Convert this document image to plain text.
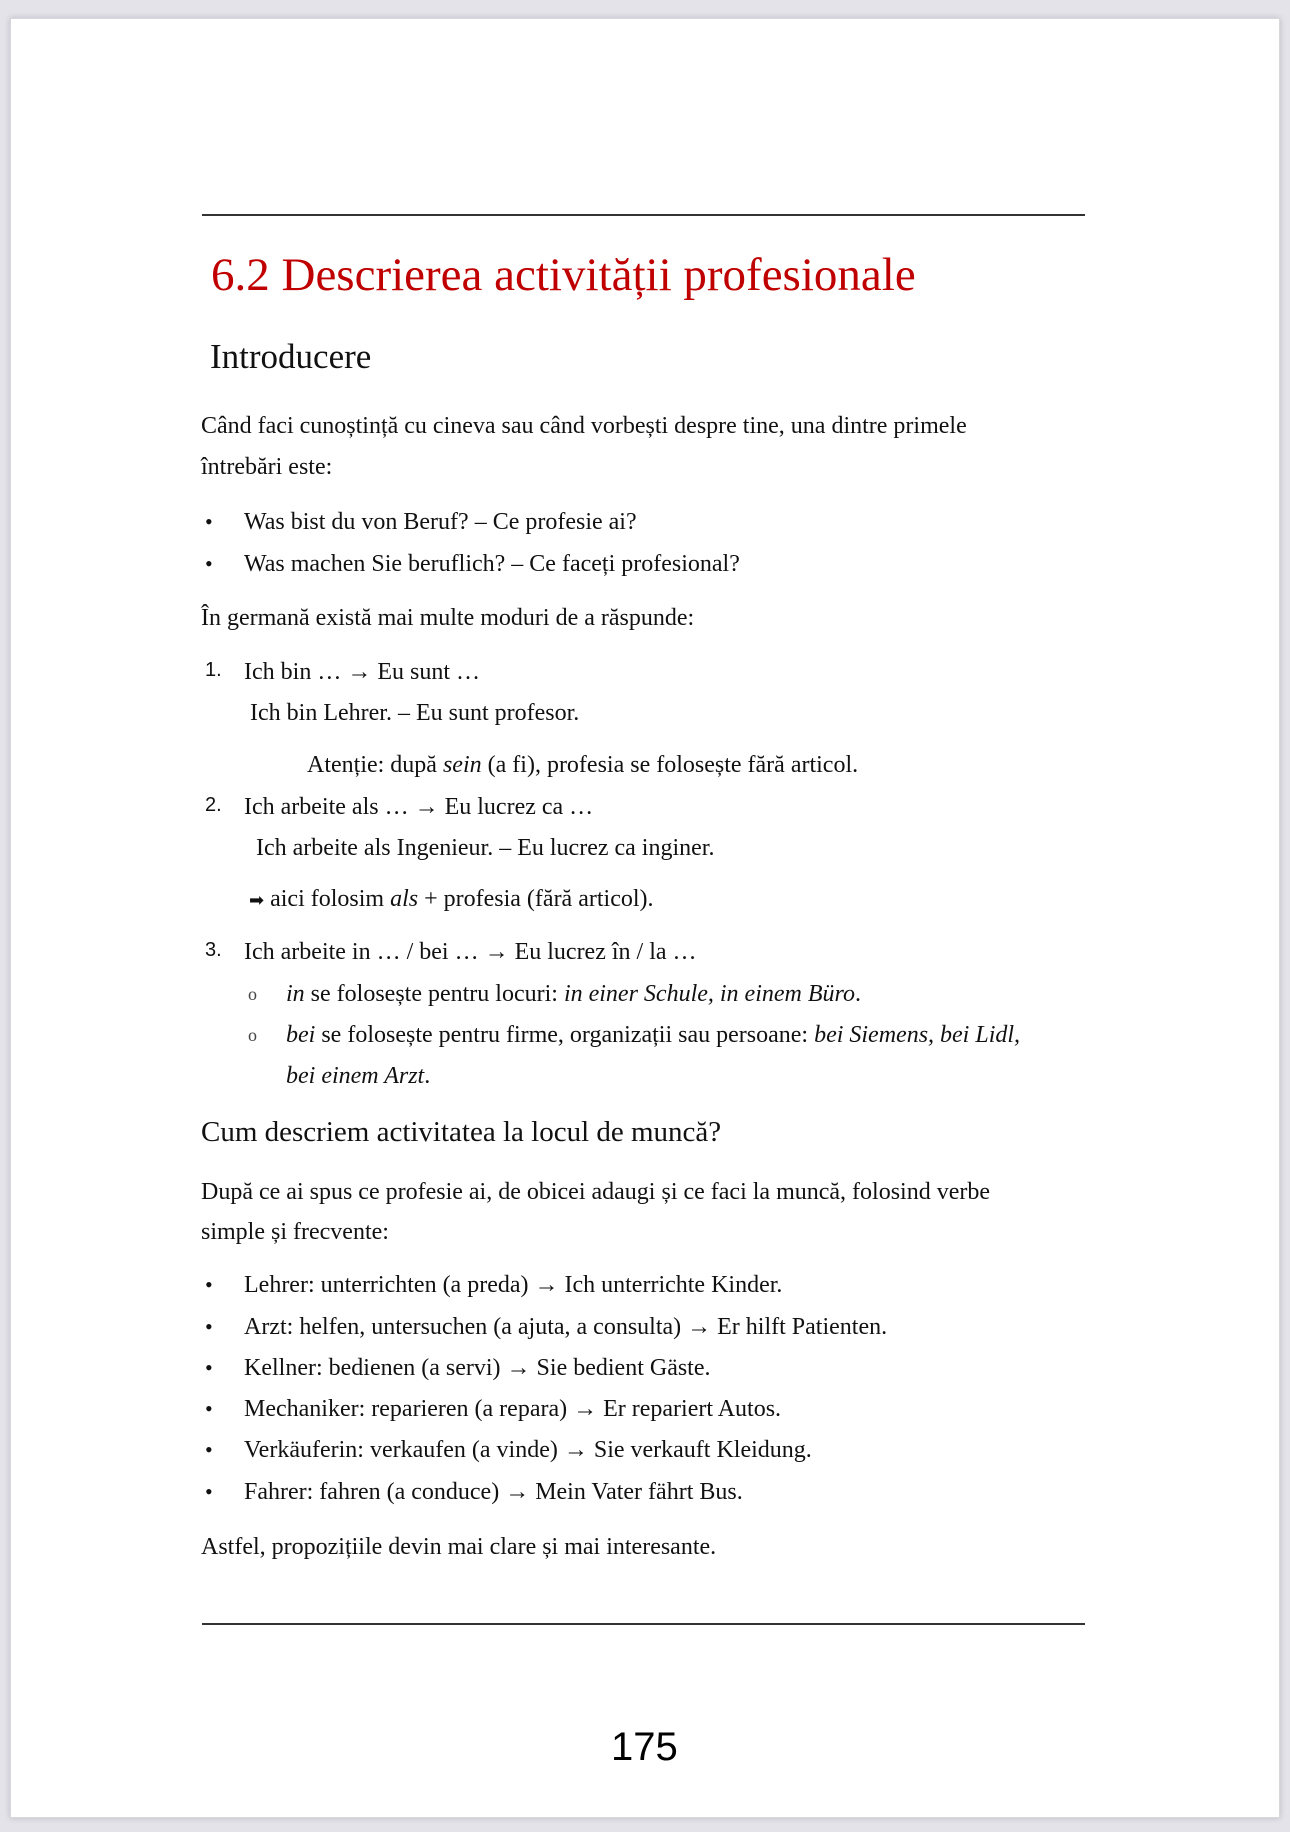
6.2 Descrierea activității profesionale
Introducere
Când faci cunoștință cu cineva sau când vorbești despre tine, una dintre primele
întrebări este:
• Was bist du von Beruf? – Ce profesie ai?
• Was machen Sie beruflich? – Ce faceți profesional?
În germană există mai multe moduri de a răspunde:
1. Ich bin … → Eu sunt …
Ich bin Lehrer. – Eu sunt profesor.
Atenție: după sein (a fi), profesia se folosește fără articol.
2. Ich arbeite als … → Eu lucrez ca …
Ich arbeite als Ingenieur. – Eu lucrez ca inginer.
➡ aici folosim als + profesia (fără articol).
3. Ich arbeite in … / bei … → Eu lucrez în / la …
o in se folosește pentru locuri: in einer Schule, in einem Büro.
o bei se folosește pentru firme, organizații sau persoane: bei Siemens, bei Lidl,
bei einem Arzt.
Cum descriem activitatea la locul de muncă?
După ce ai spus ce profesie ai, de obicei adaugi și ce faci la muncă, folosind verbe
simple și frecvente:
• Lehrer: unterrichten (a preda) → Ich unterrichte Kinder.
• Arzt: helfen, untersuchen (a ajuta, a consulta) → Er hilft Patienten.
• Kellner: bedienen (a servi) → Sie bedient Gäste.
• Mechaniker: reparieren (a repara) → Er repariert Autos.
• Verkäuferin: verkaufen (a vinde) → Sie verkauft Kleidung.
• Fahrer: fahren (a conduce) → Mein Vater fährt Bus.
Astfel, propozițiile devin mai clare și mai interesante.
175
